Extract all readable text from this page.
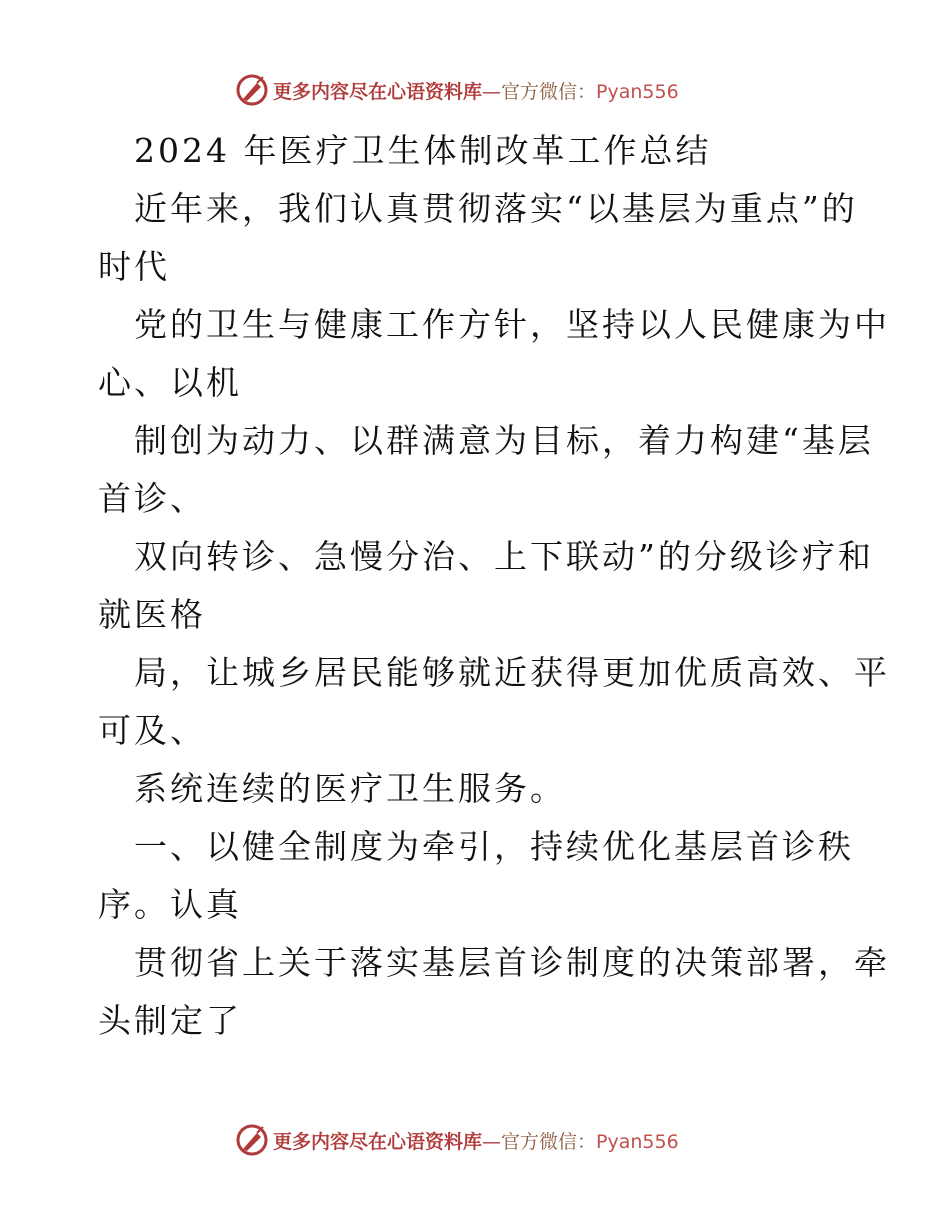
更多内容尽在心语资料库—官方微信：Pyan556
2024 年医疗卫生体制改革工作总结
近年来，我们认真贯彻落实“以基层为重点”的
时代
党的卫生与健康工作方针，坚持以人民健康为中
心、以机
制创为动力、以群满意为目标，着力构建“基层
首诊、
双向转诊、急慢分治、上下联动”的分级诊疗和
就医格
局，让城乡居民能够就近获得更加优质高效、平
可及、
系统连续的医疗卫生服务。
一、以健全制度为牵引，持续优化基层首诊秩
序。认真
贯彻省上关于落实基层首诊制度的决策部署，牵
头制定了
更多内容尽在心语资料库—官方微信：Pyan556
